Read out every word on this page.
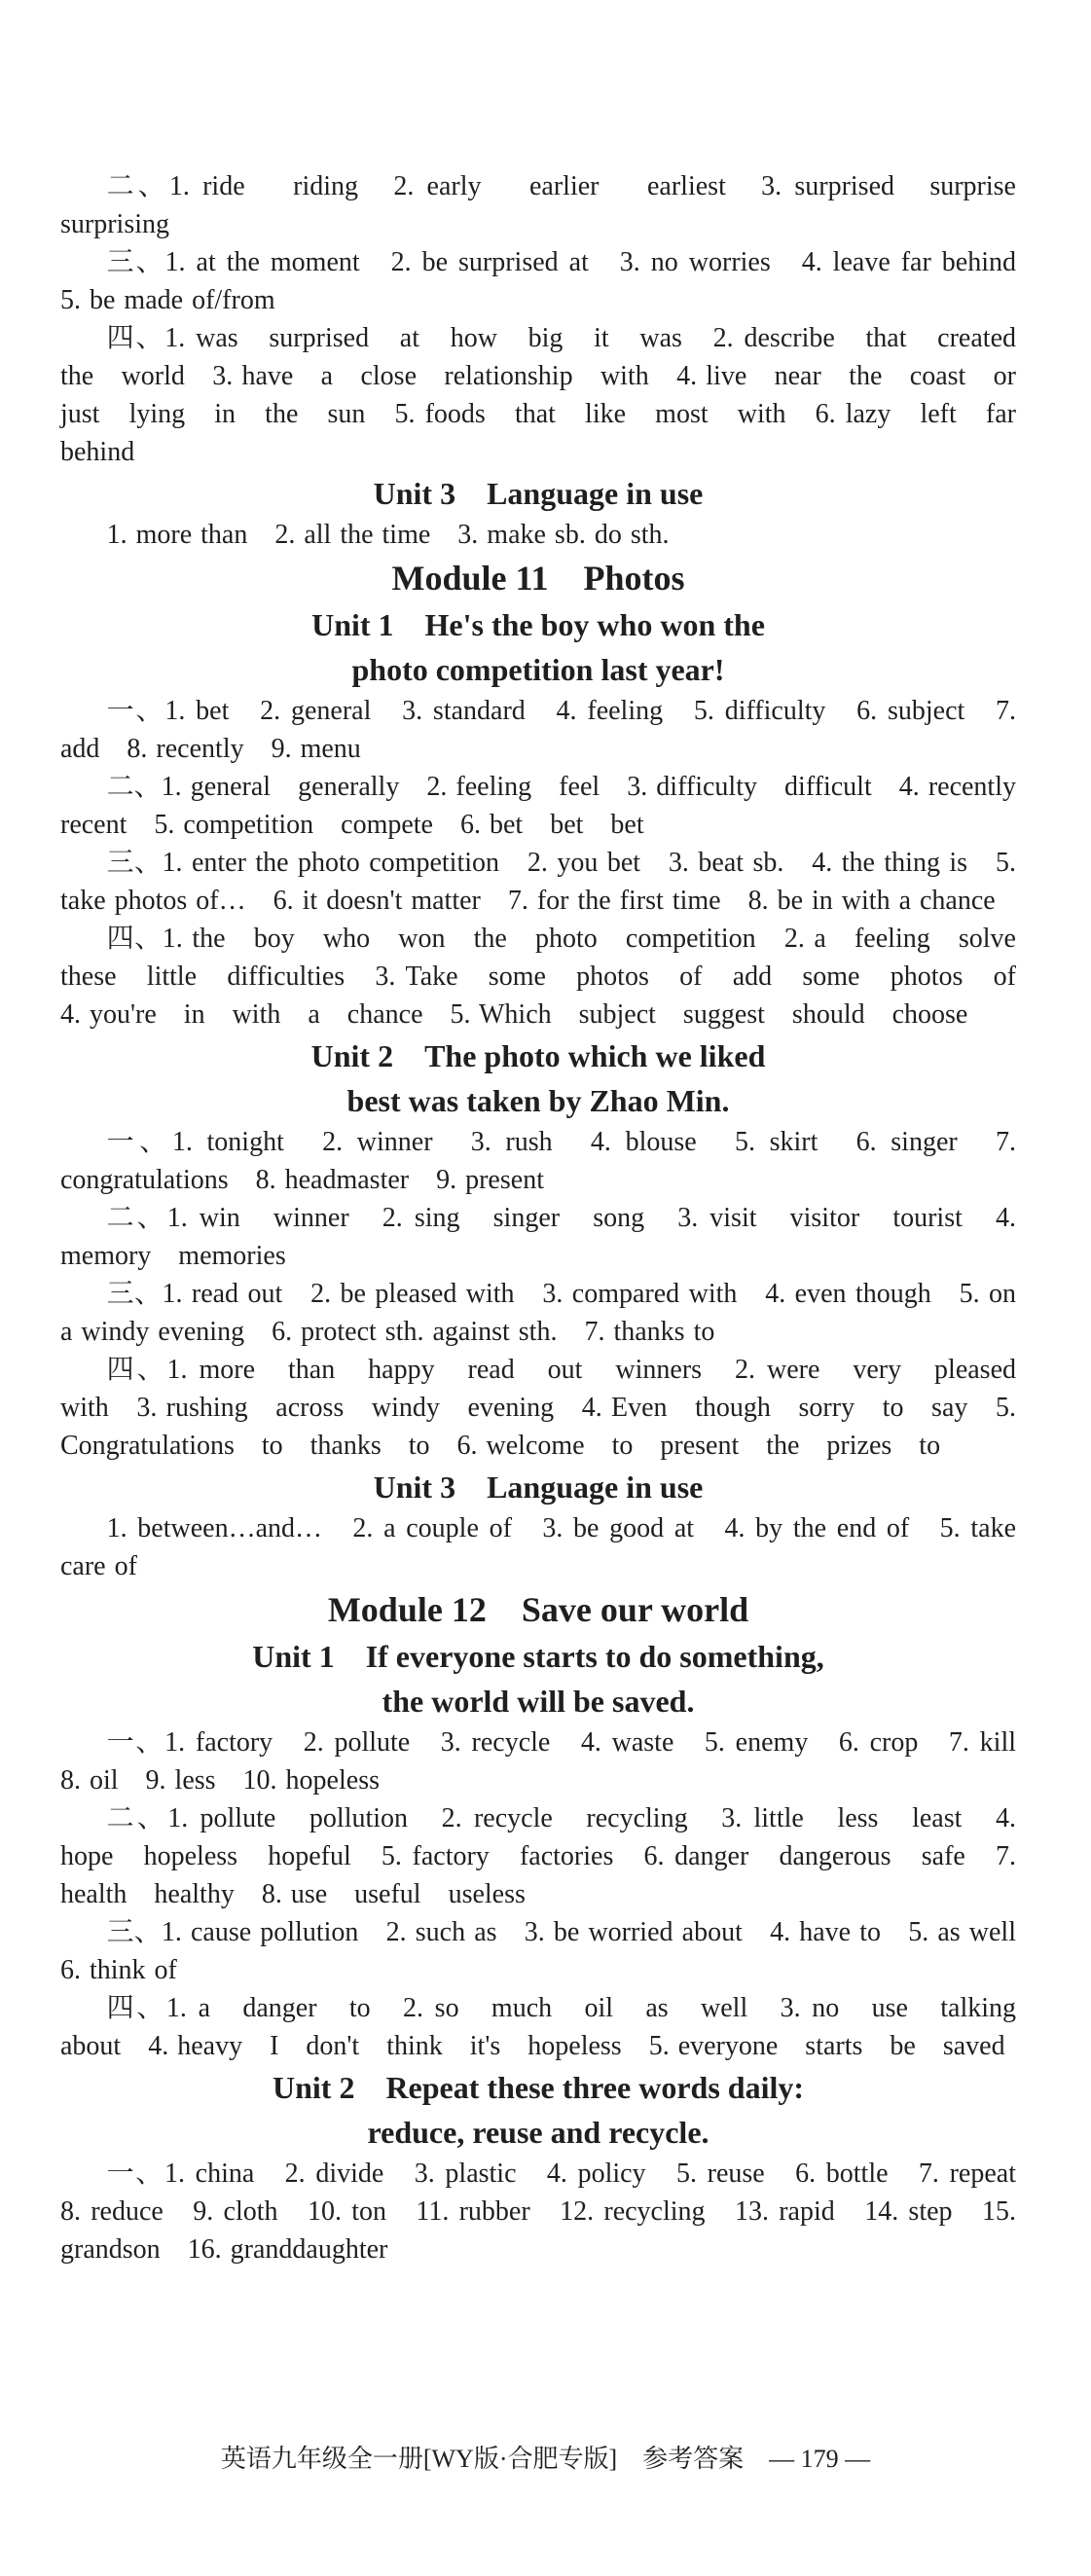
二、1. ride　 riding　2. early　 earlier　 earliest　3. surprised　surprise　surprising

三、1. at the moment　2. be surprised at　3. no worries　4. leave far behind　5. be made of/from

四、1. was　surprised　at　how　big　it　was　2. describe　that　created　the　world　3. have　a　close　relationship　with　4. live　near　the　coast　or　just　lying　in　the　sun　5. foods　that　like　most　with　6. lazy　left　far　behind

Unit 3　Language in use

1. more than　2. all the time　3. make sb. do sth.

Module 11　Photos
Unit 1　He's the boy who won the
photo competition last year!

一、1. bet　2. general　3. standard　4. feeling　5. difficulty　6. subject　7. add　8. recently　9. menu

二、1. general　generally　2. feeling　feel　3. difficulty　difficult　4. recently　recent　5. competition　compete　6. bet　bet　bet

三、1. enter the photo competition　2. you bet　3. beat sb.　4. the thing is　5. take photos of…　6. it doesn't matter　7. for the first time　8. be in with a chance

四、1. the　boy　who　won　the　photo　competition　2. a　feeling　solve　these　little　difficulties　3. Take　some　photos　of　add　some　photos　of　4. you're　in　with　a　chance　5. Which　subject　suggest　should　choose

Unit 2　The photo which we liked
best was taken by Zhao Min.

一、1. tonight　2. winner　3. rush　4. blouse　5. skirt　6. singer　7. congratulations　8. headmaster　9. present

二、1. win　winner　2. sing　singer　song　3. visit　visitor　tourist　4. memory　memories

三、1. read out　2. be pleased with　3. compared with　4. even though　5. on a windy evening　6. protect sth. against sth.　7. thanks to

四、1. more　than　happy　read　out　winners　2. were　very　pleased　with　3. rushing　across　windy　evening　4. Even　though　sorry　to　say　5. Congratulations　to　thanks　to　6. welcome　to　present　the　prizes　to

Unit 3　Language in use

1. between…and…　2. a couple of　3. be good at　4. by the end of　5. take care of

Module 12　Save our world
Unit 1　If everyone starts to do something,
the world will be saved.

一、1. factory　2. pollute　3. recycle　4. waste　5. enemy　6. crop　7. kill　8. oil　9. less　10. hopeless

二、1. pollute　pollution　2. recycle　recycling　3. little　less　least　4. hope　hopeless　hopeful　5. factory　factories　6. danger　dangerous　safe　7. health　healthy　8. use　useful　useless

三、1. cause pollution　2. such as　3. be worried about　4. have to　5. as well　6. think of

四、1. a　danger　to　2. so　much　oil　as　well　3. no　use　talking　about　4. heavy　I　don't　think　it's　hopeless　5. everyone　starts　be　saved

Unit 2　Repeat these three words daily:
reduce, reuse and recycle.

一、1. china　2. divide　3. plastic　4. policy　5. reuse　6. bottle　7. repeat　8. reduce　9. cloth　10. ton　11. rubber　12. recycling　13. rapid　14. step　15. grandson　16. granddaughter

英语九年级全一册[WY版·合肥专版]　参考答案　— 179 —
